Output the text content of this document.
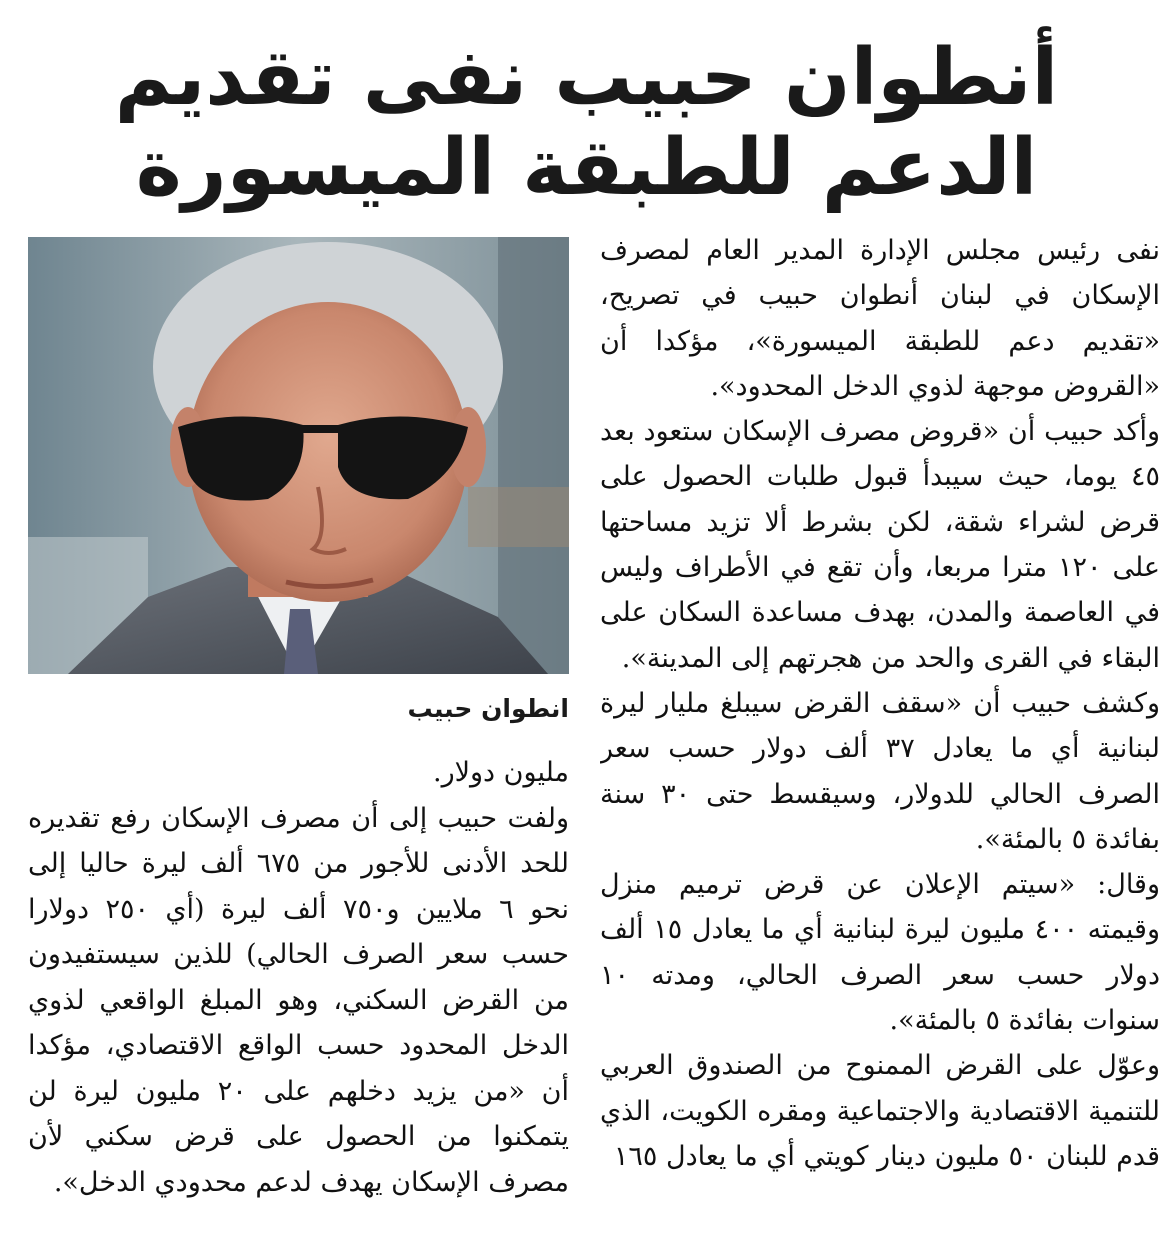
أنطوان حبيب نفى تقديم
الدعم للطبقة الميسورة
انطوان حبيب

نفى رئيس مجلس الإدارة المدير العام لمصرف الإسكان في لبنان أنطوان حبيب في تصريح، «تقديم دعم للطبقة الميسورة»، مؤكدا أن «القروض موجهة لذوي الدخل المحدود».

وأكد حبيب أن «قروض مصرف الإسكان ستعود بعد ٤٥ يوما، حيث سيبدأ قبول طلبات الحصول على قرض لشراء شقة، لكن بشرط ألا تزيد مساحتها على ١٢٠ مترا مربعا، وأن تقع في الأطراف وليس في العاصمة والمدن، بهدف مساعدة السكان على البقاء في القرى والحد من هجرتهم إلى المدينة».

وكشف حبيب أن «سقف القرض سيبلغ مليار ليرة لبنانية أي ما يعادل ٣٧ ألف دولار حسب سعر الصرف الحالي للدولار، وسيقسط حتى ٣٠ سنة بفائدة ٥ بالمئة».

وقال: «سيتم الإعلان عن قرض ترميم منزل وقيمته ٤٠٠ مليون ليرة لبنانية أي ما يعادل ١٥ ألف دولار حسب سعر الصرف الحالي، ومدته ١٠ سنوات بفائدة ٥ بالمئة».

وعوّل على القرض الممنوح من الصندوق العربي للتنمية الاقتصادية والاجتماعية ومقره الكويت، الذي قدم للبنان ٥٠ مليون دينار كويتي أي ما يعادل ١٦٥

مليون دولار.

ولفت حبيب إلى أن مصرف الإسكان رفع تقديره للحد الأدنى للأجور من ٦٧٥ ألف ليرة حاليا إلى نحو ٦ ملايين و٧٥٠ ألف ليرة (أي ٢٥٠ دولارا حسب سعر الصرف الحالي) للذين سيستفيدون من القرض السكني، وهو المبلغ الواقعي لذوي الدخل المحدود حسب الواقع الاقتصادي، مؤكدا أن «من يزيد دخلهم على ٢٠ مليون ليرة لن يتمكنوا من الحصول على قرض سكني لأن مصرف الإسكان يهدف لدعم محدودي الدخل».
